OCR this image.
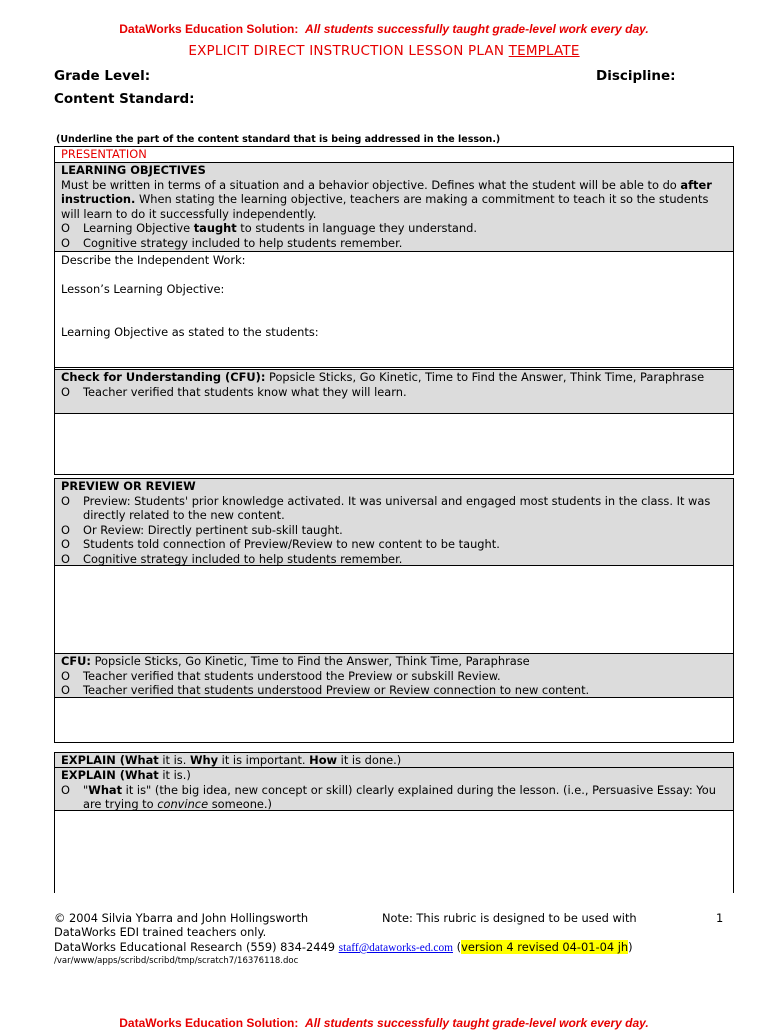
DataWorks Education Solution: All students successfully taught grade-level work every day.
EXPLICIT DIRECT INSTRUCTION LESSON PLAN TEMPLATE
Grade Level:	Discipline:
Content Standard:
(Underline the part of the content standard that is being addressed in the lesson.)
PRESENTATION
LEARNING OBJECTIVES
Must be written in terms of a situation and a behavior objective. Defines what the student will be able to do after instruction. When stating the learning objective, teachers are making a commitment to teach it so the students will learn to do it successfully independently.
O	Learning Objective taught to students in language they understand.
O	Cognitive strategy included to help students remember.
Describe the Independent Work:
Lesson’s Learning Objective:
Learning Objective as stated to the students:
Check for Understanding (CFU): Popsicle Sticks, Go Kinetic, Time to Find the Answer, Think Time, Paraphrase
O	Teacher verified that students know what they will learn.
PREVIEW OR REVIEW
O	Preview: Students' prior knowledge activated. It was universal and engaged most students in the class. It was directly related to the new content.
O	Or Review: Directly pertinent sub-skill taught.
O	Students told connection of Preview/Review to new content to be taught.
O	Cognitive strategy included to help students remember.
CFU: Popsicle Sticks, Go Kinetic, Time to Find the Answer, Think Time, Paraphrase
O	Teacher verified that students understood the Preview or subskill Review.
O	Teacher verified that students understood Preview or Review connection to new content.
EXPLAIN (What it is. Why it is important. How it is done.)
EXPLAIN (What it is.)
O	"What it is" (the big idea, new concept or skill) clearly explained during the lesson. (i.e., Persuasive Essay: You are trying to convince someone.)
© 2004 Silvia Ybarra and John Hollingsworth	Note: This rubric is designed to be used with	1
DataWorks EDI trained teachers only.
DataWorks Educational Research (559) 834-2449 staff@dataworks-ed.com (version 4 revised 04-01-04 jh)
/var/www/apps/scribd/scribd/tmp/scratch7/16376118.doc
DataWorks Education Solution: All students successfully taught grade-level work every day.
